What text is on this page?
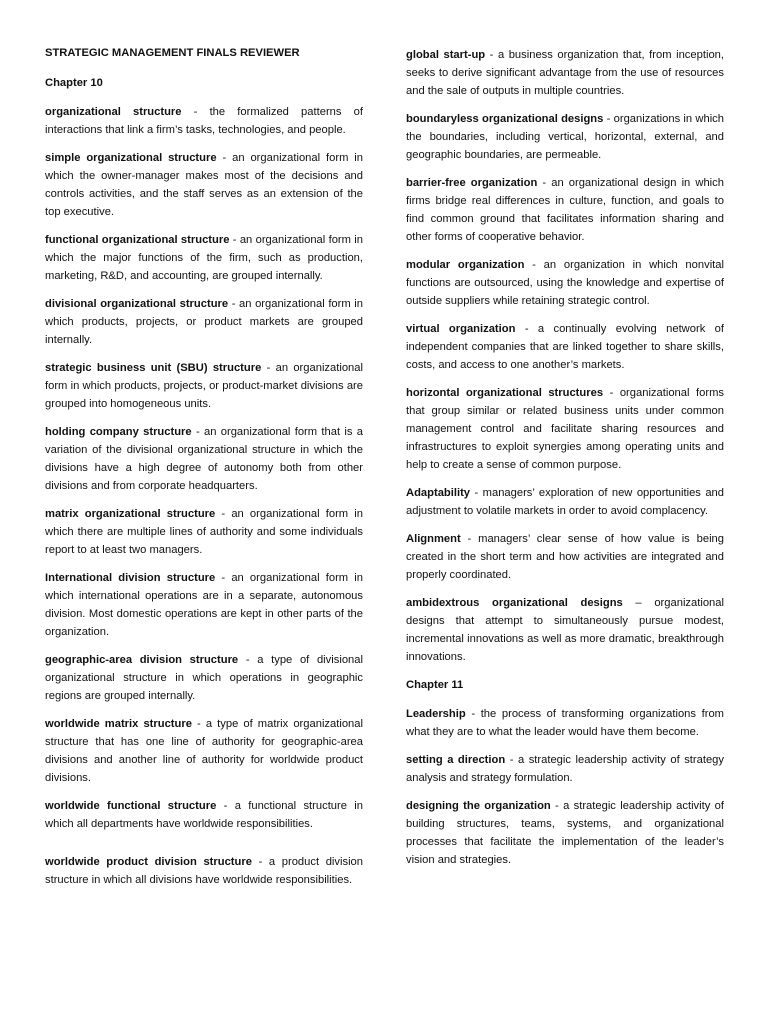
STRATEGIC MANAGEMENT FINALS REVIEWER
Chapter 10
organizational structure - the formalized patterns of interactions that link a firm’s tasks, technologies, and people.
simple organizational structure - an organizational form in which the owner-manager makes most of the decisions and controls activities, and the staff serves as an extension of the top executive.
functional organizational structure - an organizational form in which the major functions of the firm, such as production, marketing, R&D, and accounting, are grouped internally.
divisional organizational structure - an organizational form in which products, projects, or product markets are grouped internally.
strategic business unit (SBU) structure - an organizational form in which products, projects, or product-market divisions are grouped into homogeneous units.
holding company structure - an organizational form that is a variation of the divisional organizational structure in which the divisions have a high degree of autonomy both from other divisions and from corporate headquarters.
matrix organizational structure - an organizational form in which there are multiple lines of authority and some individuals report to at least two managers.
International division structure - an organizational form in which international operations are in a separate, autonomous division. Most domestic operations are kept in other parts of the organization.
geographic-area division structure - a type of divisional organizational structure in which operations in geographic regions are grouped internally.
worldwide matrix structure - a type of matrix organizational structure that has one line of authority for geographic-area divisions and another line of authority for worldwide product divisions.
worldwide functional structure - a functional structure in which all departments have worldwide responsibilities.
worldwide product division structure - a product division structure in which all divisions have worldwide responsibilities.
global start-up - a business organization that, from inception, seeks to derive significant advantage from the use of resources and the sale of outputs in multiple countries.
boundaryless organizational designs - organizations in which the boundaries, including vertical, horizontal, external, and geographic boundaries, are permeable.
barrier-free organization - an organizational design in which firms bridge real differences in culture, function, and goals to find common ground that facilitates information sharing and other forms of cooperative behavior.
modular organization - an organization in which nonvital functions are outsourced, using the knowledge and expertise of outside suppliers while retaining strategic control.
virtual organization - a continually evolving network of independent companies that are linked together to share skills, costs, and access to one another’s markets.
horizontal organizational structures - organizational forms that group similar or related business units under common management control and facilitate sharing resources and infrastructures to exploit synergies among operating units and help to create a sense of common purpose.
Adaptability - managers’ exploration of new opportunities and adjustment to volatile markets in order to avoid complacency.
Alignment - managers’ clear sense of how value is being created in the short term and how activities are integrated and properly coordinated.
ambidextrous organizational designs – organizational designs that attempt to simultaneously pursue modest, incremental innovations as well as more dramatic, breakthrough innovations.
Chapter 11
Leadership - the process of transforming organizations from what they are to what the leader would have them become.
setting a direction - a strategic leadership activity of strategy analysis and strategy formulation.
designing the organization - a strategic leadership activity of building structures, teams, systems, and organizational processes that facilitate the implementation of the leader’s vision and strategies.
